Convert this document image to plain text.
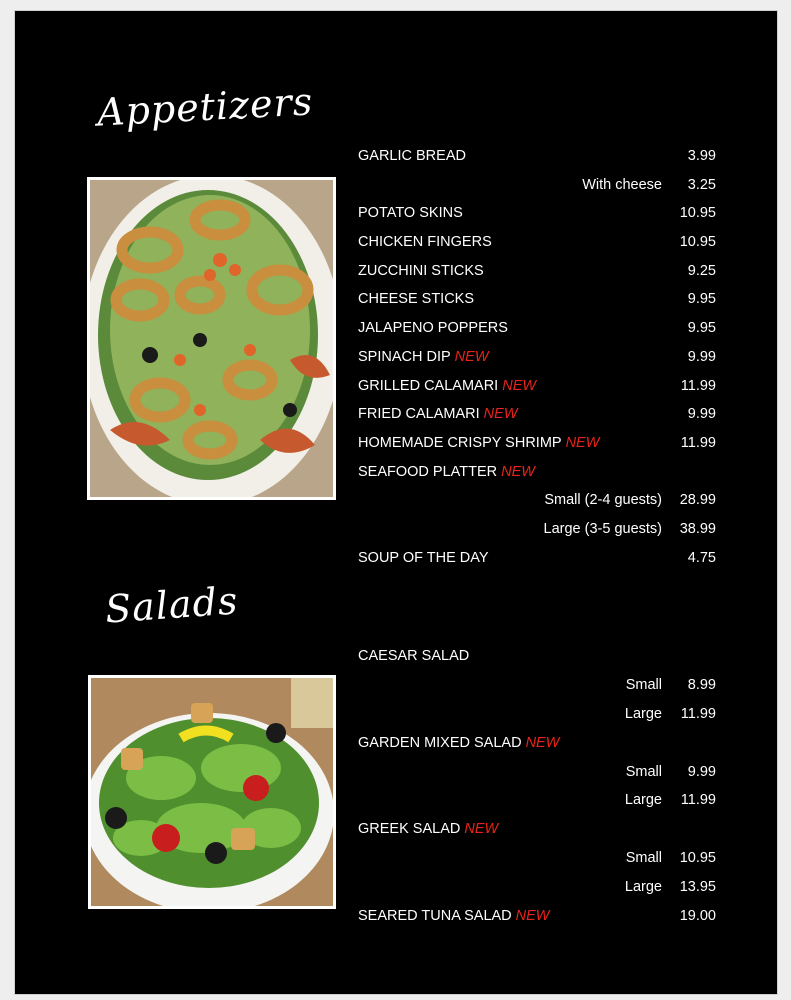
Appetizers
GARLIC BREAD	3.99
With cheese 3.25
POTATO SKINS	10.95
CHICKEN FINGERS	10.95
ZUCCHINI STICKS	9.25
CHEESE STICKS	9.95
JALAPENO POPPERS	9.95
SPINACH DIP NEW	9.99
GRILLED CALAMARI NEW	11.99
FRIED CALAMARI NEW	9.99
HOMEMADE CRISPY SHRIMP NEW	11.99
SEAFOOD PLATTER NEW
Small (2-4 guests) 28.99
Large (3-5 guests) 38.99
SOUP OF THE DAY	4.75
Salads
CAESAR SALAD
Small 8.99
Large 11.99
GARDEN MIXED SALAD NEW
Small 9.99
Large 11.99
GREEK SALAD NEW
Small 10.95
Large 13.95
SEARED TUNA SALAD NEW	19.00
